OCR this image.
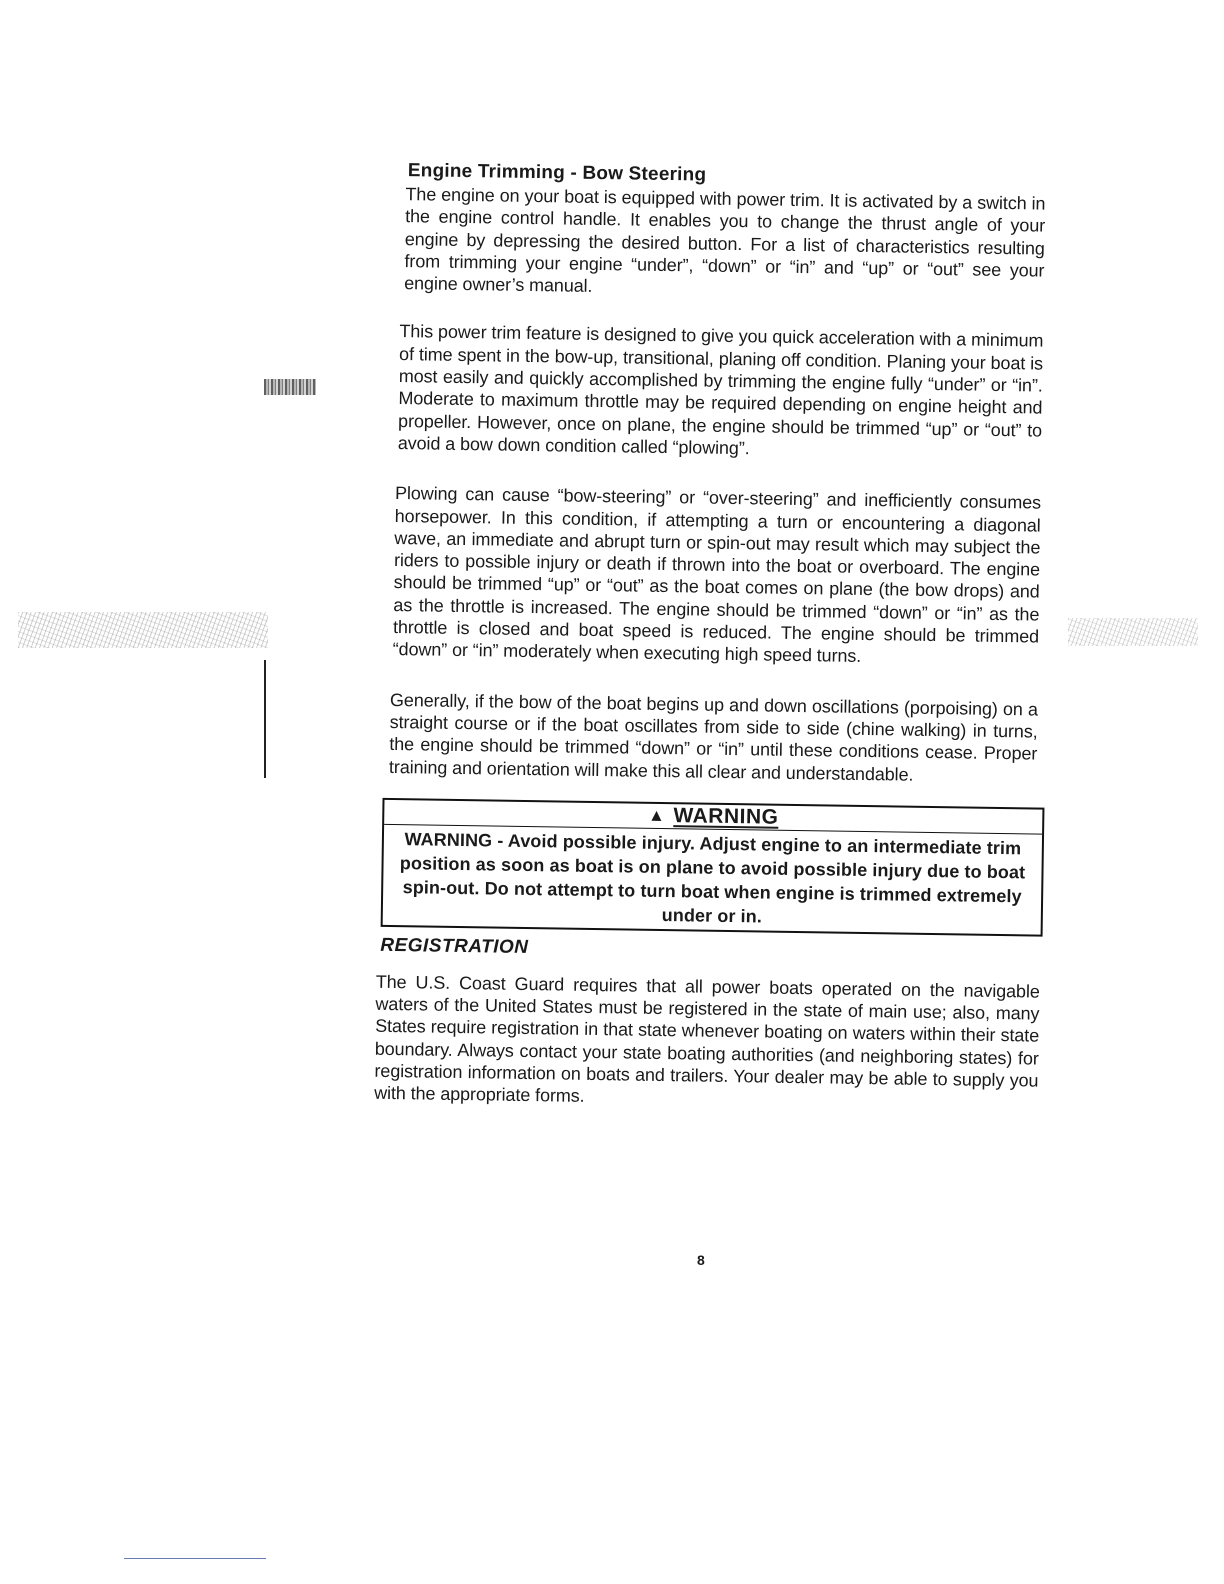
Engine Trimming - Bow Steering

The engine on your boat is equipped with power trim. It is activated by a switch in the engine control handle. It enables you to change the thrust angle of your engine by depressing the desired button. For a list of characteristics resulting from trimming your engine “under”, “down” or “in” and “up” or “out” see your engine owner’s manual.

This power trim feature is designed to give you quick acceleration with a minimum of time spent in the bow-up, transitional, planing off condition. Planing your boat is most easily and quickly accomplished by trimming the engine fully “under” or “in”. Moderate to maximum throttle may be required depending on engine height and propeller. However, once on plane, the engine should be trimmed “up” or “out” to avoid a bow down condition called “plowing”.

Plowing can cause “bow-steering” or “over-steering” and inefficiently consumes horsepower. In this condition, if attempting a turn or encountering a diagonal wave, an immediate and abrupt turn or spin-out may result which may subject the riders to possible injury or death if thrown into the boat or overboard. The engine should be trimmed “up” or “out” as the boat comes on plane (the bow drops) and as the throttle is increased. The engine should be trimmed “down” or “in” as the throttle is closed and boat speed is reduced. The engine should be trimmed “down” or “in” moderately when executing high speed turns.

Generally, if the bow of the boat begins up and down oscillations (porpoising) on a straight course or if the boat oscillates from side to side (chine walking) in turns, the engine should be trimmed “down” or “in” until these conditions cease. Proper training and orientation will make this all clear and understandable.

▲ WARNING
WARNING - Avoid possible injury. Adjust engine to an intermediate trim position as soon as boat is on plane to avoid possible injury due to boat spin-out. Do not attempt to turn boat when engine is trimmed extremely under or in.
REGISTRATION

The U.S. Coast Guard requires that all power boats operated on the navigable waters of the United States must be registered in the state of main use; also, many States require registration in that state whenever boating on waters within their state boundary. Always contact your state boating authorities (and neighboring states) for registration information on boats and trailers. Your dealer may be able to supply you with the appropriate forms.

8
